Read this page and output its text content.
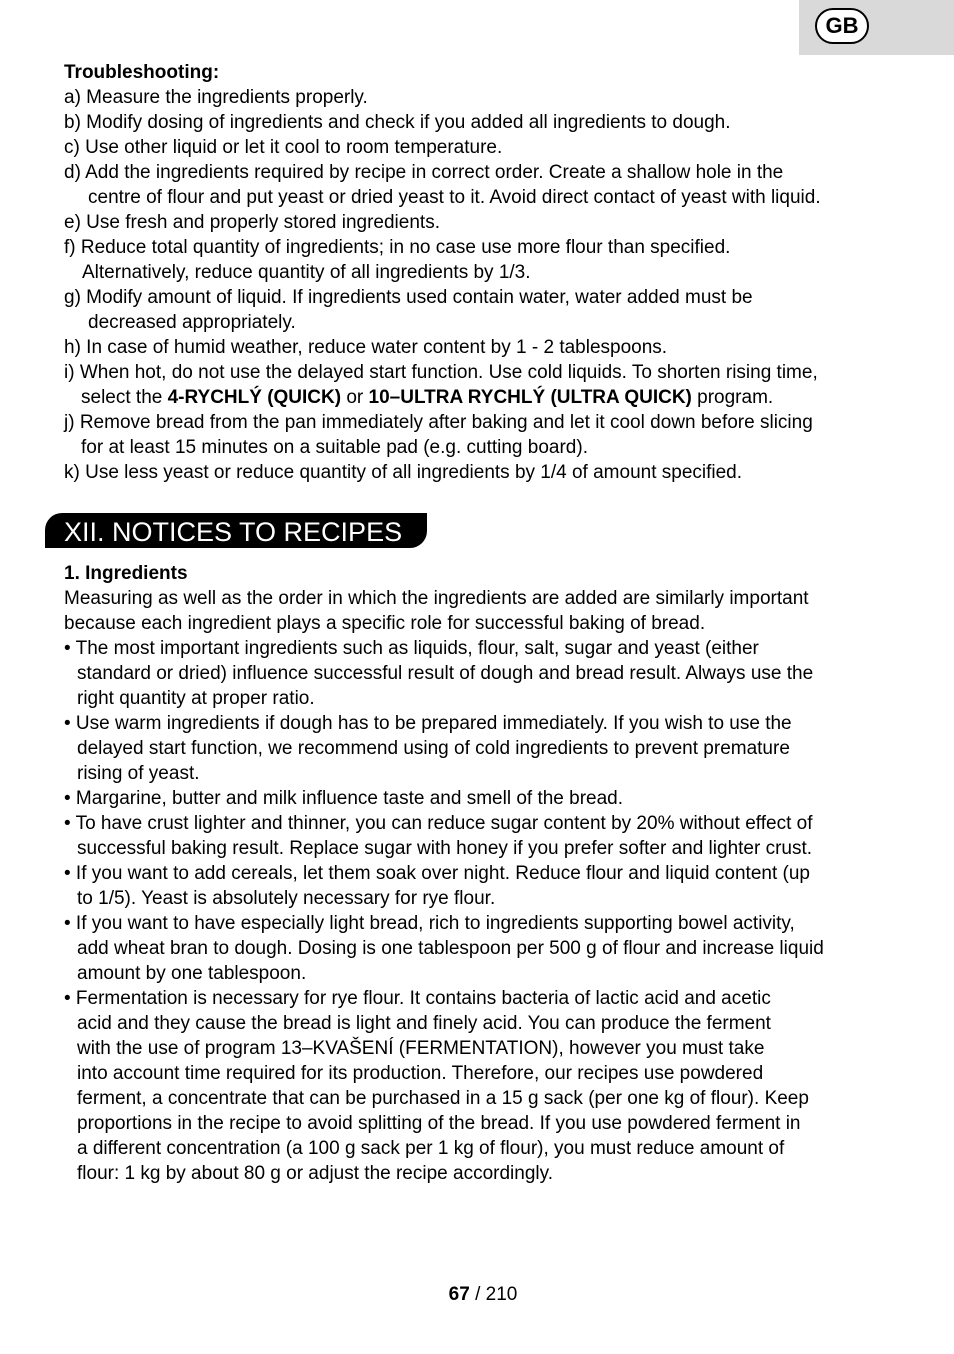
GB
Troubleshooting:
a) Measure the ingredients properly.
b) Modify dosing of ingredients and check if you added all ingredients to dough.
c) Use other liquid or let it cool to room temperature.
d) Add the ingredients required by recipe in correct order. Create a shallow hole in the
centre of flour and put yeast or dried yeast to it. Avoid direct contact of yeast with liquid.
e) Use fresh and properly stored ingredients.
f) Reduce total quantity of ingredients; in no case use more flour than specified.
Alternatively, reduce quantity of all ingredients by 1/3.
g) Modify amount of liquid. If ingredients used contain water, water added must be
decreased appropriately.
h) In case of humid weather, reduce water content by 1 - 2 tablespoons.
i) When hot, do not use the delayed start function. Use cold liquids. To shorten rising time,
select the 4-RYCHLÝ (QUICK) or 10–ULTRA RYCHLÝ (ULTRA QUICK) program.
j) Remove bread from the pan immediately after baking and let it cool down before slicing
for at least 15 minutes on a suitable pad (e.g. cutting board).
k) Use less yeast or reduce quantity of all ingredients by 1/4 of amount specified.
XII. NOTICES TO RECIPES
1. Ingredients
Measuring as well as the order in which the ingredients are added are similarly important
because each ingredient plays a specific role for successful baking of bread.
• The most important ingredients such as liquids, flour, salt, sugar and yeast (either
standard or dried) influence successful result of dough and bread result. Always use the
right quantity at proper ratio.
• Use warm ingredients if dough has to be prepared immediately. If you wish to use the
delayed start function, we recommend using of cold ingredients to prevent premature
rising of yeast.
• Margarine, butter and milk influence taste and smell of the bread.
• To have crust lighter and thinner, you can reduce sugar content by 20% without effect of
successful baking result. Replace sugar with honey if you prefer softer and lighter crust.
• If you want to add cereals, let them soak over night. Reduce flour and liquid content (up
to 1/5). Yeast is absolutely necessary for rye flour.
• If you want to have especially light bread, rich to ingredients supporting bowel activity,
add wheat bran to dough. Dosing is one tablespoon per 500 g of flour and increase liquid
amount by one tablespoon.
• Fermentation is necessary for rye flour. It contains bacteria of lactic acid and acetic
acid and they cause the bread is light and finely acid. You can produce the ferment
with the use of program 13–KVAŠENÍ (FERMENTATION), however you must take
into account time required for its production. Therefore, our recipes use powdered
ferment, a concentrate that can be purchased in a 15 g sack (per one kg of flour). Keep
proportions in the recipe to avoid splitting of the bread. If you use powdered ferment in
a different concentration (a 100 g sack per 1 kg of flour), you must reduce amount of
flour: 1 kg by about 80 g or adjust the recipe accordingly.
67 / 210
